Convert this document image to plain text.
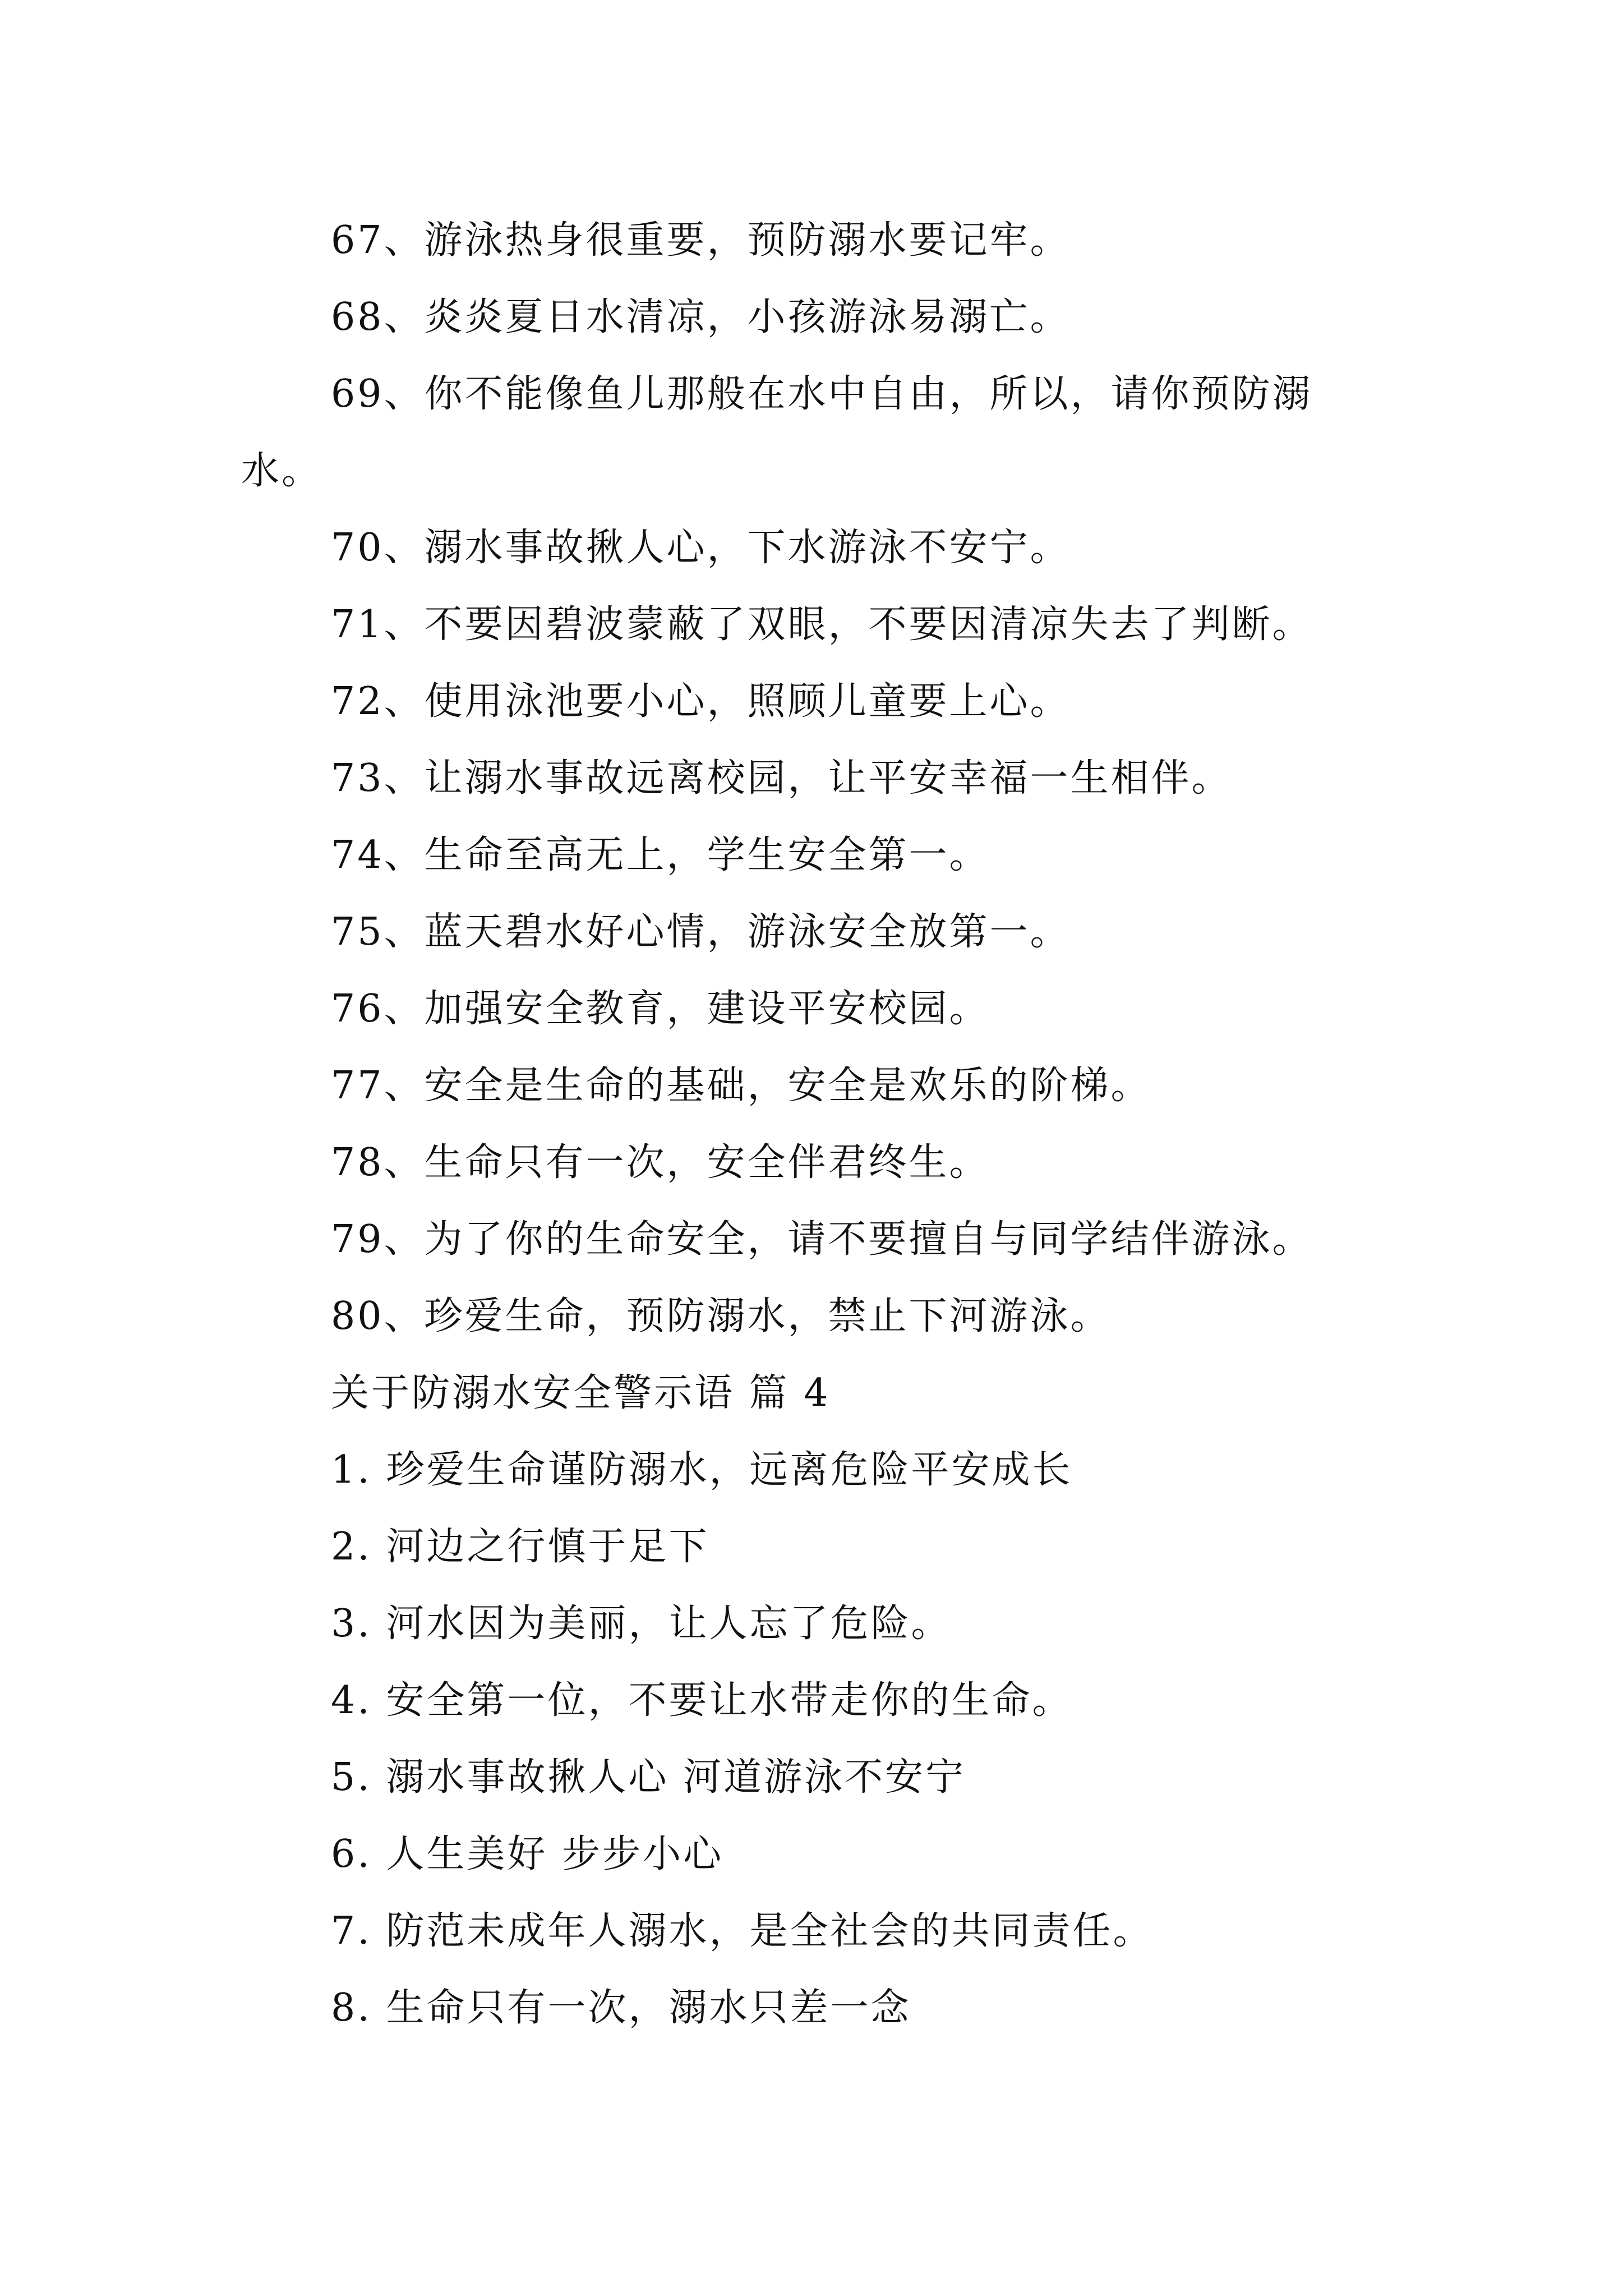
67、游泳热身很重要，预防溺水要记牢。
68、炎炎夏日水清凉，小孩游泳易溺亡。
69、你不能像鱼儿那般在水中自由，所以，请你预防溺
水。
70、溺水事故揪人心，下水游泳不安宁。
71、不要因碧波蒙蔽了双眼，不要因清凉失去了判断。
72、使用泳池要小心，照顾儿童要上心。
73、让溺水事故远离校园，让平安幸福一生相伴。
74、生命至高无上，学生安全第一。
75、蓝天碧水好心情，游泳安全放第一。
76、加强安全教育，建设平安校园。
77、安全是生命的基础，安全是欢乐的阶梯。
78、生命只有一次，安全伴君终生。
79、为了你的生命安全，请不要擅自与同学结伴游泳。
80、珍爱生命，预防溺水，禁止下河游泳。
关于防溺水安全警示语 篇 4
1. 珍爱生命谨防溺水，远离危险平安成长
2. 河边之行慎于足下
3. 河水因为美丽，让人忘了危险。
4. 安全第一位，不要让水带走你的生命。
5. 溺水事故揪人心 河道游泳不安宁
6. 人生美好 步步小心
7. 防范未成年人溺水，是全社会的共同责任。
8. 生命只有一次，溺水只差一念
